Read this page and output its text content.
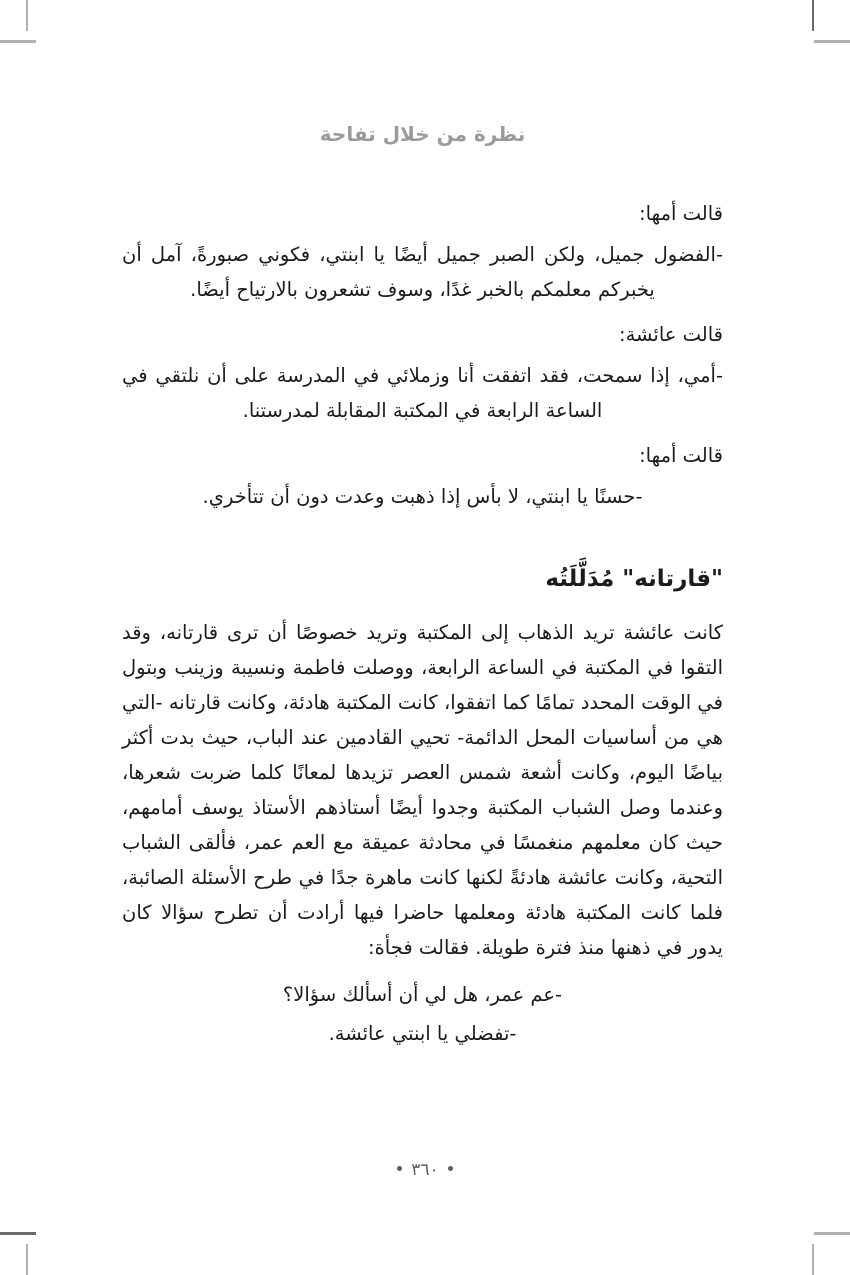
نظرة من خلال تفاحة

قالت أمها:

-الفضول جميل، ولكن الصبر جميل أيضًا يا ابنتي، فكوني صبورةً، آمل أن يخبركم معلمكم بالخبر غدًا، وسوف تشعرون بالارتياح أيضًا.

قالت عائشة:

-أمي، إذا سمحت، فقد اتفقت أنا وزملائي في المدرسة على أن نلتقي في الساعة الرابعة في المكتبة المقابلة لمدرستنا.

قالت أمها:

-حسنًا يا ابنتي، لا بأس إذا ذهبت وعدت دون أن تتأخري.

"قارتانه" مُدَلَّلَتُه

كانت عائشة تريد الذهاب إلى المكتبة وتريد خصوصًا أن ترى قارتانه، وقد التقوا في المكتبة في الساعة الرابعة، ووصلت فاطمة ونسيبة وزينب وبتول في الوقت المحدد تمامًا كما اتفقوا، كانت المكتبة هادئة، وكانت قارتانه -التي هي من أساسيات المحل الدائمة- تحيي القادمين عند الباب، حيث بدت أكثر بياضًا اليوم، وكانت أشعة شمس العصر تزيدها لمعانًا كلما ضربت شعرها، وعندما وصل الشباب المكتبة وجدوا أيضًا أستاذهم الأستاذ يوسف أمامهم، حيث كان معلمهم منغمسًا في محادثة عميقة مع العم عمر، فألقى الشباب التحية، وكانت عائشة هادئةً لكنها كانت ماهرة جدًا في طرح الأسئلة الصائبة، فلما كانت المكتبة هادئة ومعلمها حاضرا فيها أرادت أن تطرح سؤالا كان يدور في ذهنها منذ فترة طويلة. فقالت فجأة:

-عم عمر، هل لي أن أسألك سؤالا؟

-تفضلي يا ابنتي عائشة.

٣٦٠
